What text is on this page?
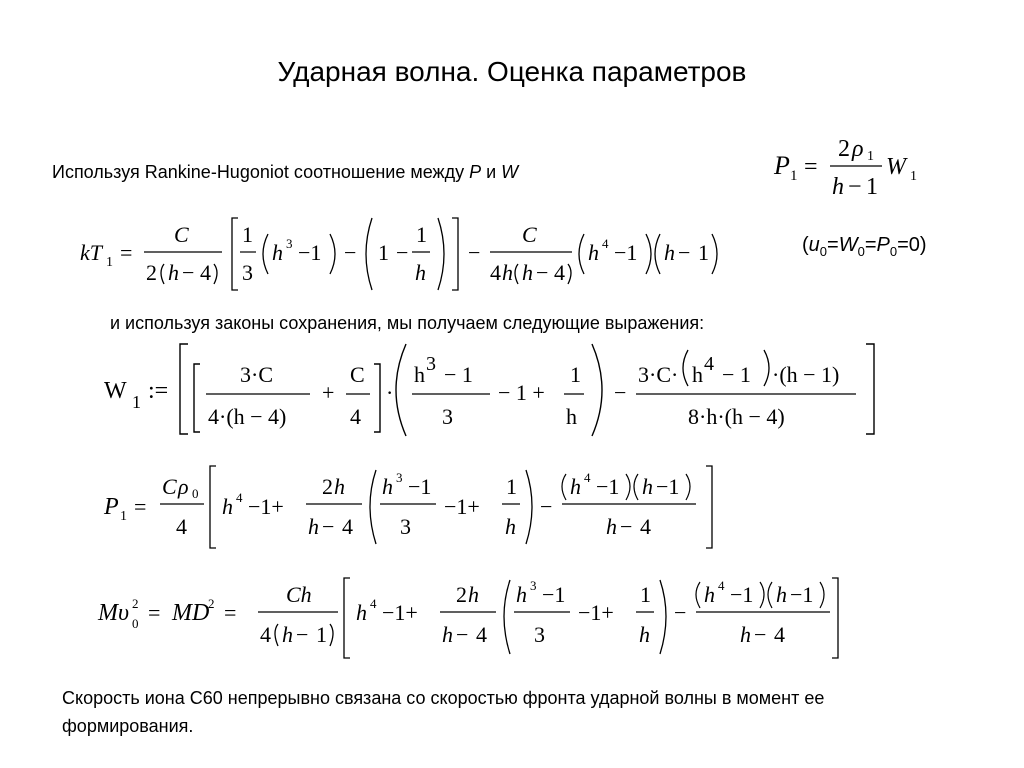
Ударная волна. Оценка параметров
Используя Rankine-Hugoniot соотношение между P и W	P 1 =
2 ρ 1
h − 1
W 1
$(u_0=W_0=P_0=0)$
kT 1 =
C
2 h − 4
1
3
h 3 −1 − 1 −
1
h
−
C
4 h h − 4
h 4 −1 h − 1
и используя законы сохранения, мы получаем следующие выражения:
W 1 :=
3·C
4·(h − 4)
+
C
4
·
h 3 − 1
3
− 1 +
1
h
−
3·C· h 4 − 1 ·(h − 1)
8·h·(h − 4)
P 1 =
C ρ 0
4
h 4 −1+
2 h
h − 4
h 3 −1
3
−1+
1
h
−
h 4 −1 h −1
h − 4
M υ 2
0 = MD
2 =
Ch
4 h − 1
h 4 −1+
2 h
h − 4
h 3 −1
3
−1+
1
h
−
h 4 −1 h −1
h − 4
Скорость иона C60 непрерывно связана со скоростью фронта ударной волны в момент ее формирования.
